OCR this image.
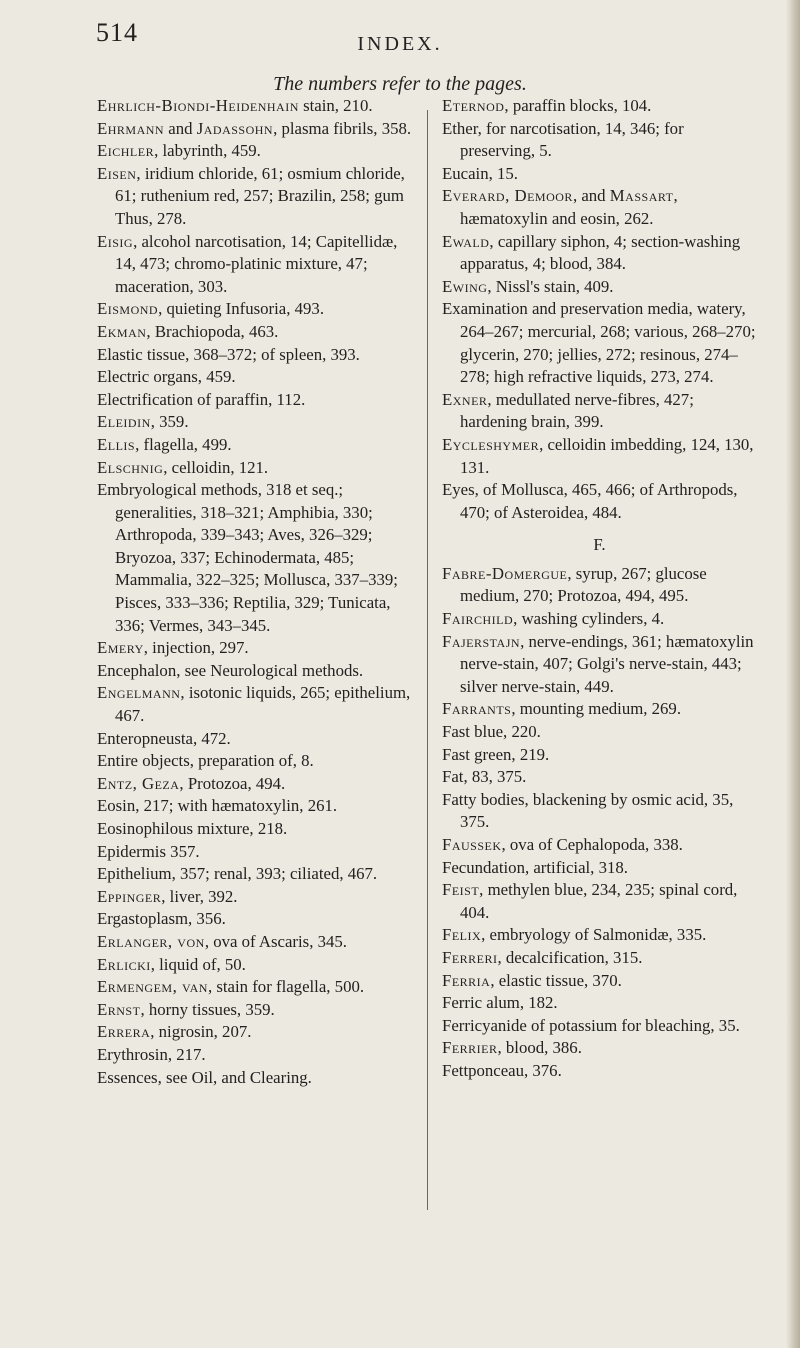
514	INDEX.
The numbers refer to the pages.
Ehrlich-Biondi-Heidenhain stain, 210.
Ehrmann and Jadassohn, plasma fibrils, 358.
Eichler, labyrinth, 459.
Eisen, iridium chloride, 61; osmium chloride, 61; ruthenium red, 257; Brazilin, 258; gum Thus, 278.
Eisig, alcohol narcotisation, 14; Capitellidæ, 14, 473; chromo-platinic mixture, 47; maceration, 303.
Eismond, quieting Infusoria, 493.
Ekman, Brachiopoda, 463.
Elastic tissue, 368–372; of spleen, 393.
Electric organs, 459.
Electrification of paraffin, 112.
Eleidin, 359.
Ellis, flagella, 499.
Elschnig, celloidin, 121.
Embryological methods, 318 et seq.; generalities, 318–321; Amphibia, 330; Arthropoda, 339–343; Aves, 326–329; Bryozoa, 337; Echinodermata, 485; Mammalia, 322–325; Mollusca, 337–339; Pisces, 333–336; Reptilia, 329; Tunicata, 336; Vermes, 343–345.
Emery, injection, 297.
Encephalon, see Neurological methods.
Engelmann, isotonic liquids, 265; epithelium, 467.
Enteropneusta, 472.
Entire objects, preparation of, 8.
Entz, Geza, Protozoa, 494.
Eosin, 217; with hæmatoxylin, 261.
Eosinophilous mixture, 218.
Epidermis 357.
Epithelium, 357; renal, 393; ciliated, 467.
Eppinger, liver, 392.
Ergastoplasm, 356.
Erlanger, von, ova of Ascaris, 345.
Erlicki, liquid of, 50.
Ermengem, van, stain for flagella, 500.
Ernst, horny tissues, 359.
Errera, nigrosin, 207.
Erythrosin, 217.
Essences, see Oil, and Clearing.
Eternod, paraffin blocks, 104.
Ether, for narcotisation, 14, 346; for preserving, 5.
Eucain, 15.
Everard, Demoor, and Massart, hæmatoxylin and eosin, 262.
Ewald, capillary siphon, 4; section-washing apparatus, 4; blood, 384.
Ewing, Nissl's stain, 409.
Examination and preservation media, watery, 264–267; mercurial, 268; various, 268–270; glycerin, 270; jellies, 272; resinous, 274–278; high refractive liquids, 273, 274.
Exner, medullated nerve-fibres, 427; hardening brain, 399.
Eycleshymer, celloidin imbedding, 124, 130, 131.
Eyes, of Mollusca, 465, 466; of Arthropods, 470; of Asteroidea, 484.
F.
Fabre-Domergue, syrup, 267; glucose medium, 270; Protozoa, 494, 495.
Fairchild, washing cylinders, 4.
Fajerstajn, nerve-endings, 361; hæmatoxylin nerve-stain, 407; Golgi's nerve-stain, 443; silver nerve-stain, 449.
Farrants, mounting medium, 269.
Fast blue, 220.
Fast green, 219.
Fat, 83, 375.
Fatty bodies, blackening by osmic acid, 35, 375.
Faussek, ova of Cephalopoda, 338.
Fecundation, artificial, 318.
Feist, methylen blue, 234, 235; spinal cord, 404.
Felix, embryology of Salmonidæ, 335.
Ferreri, decalcification, 315.
Ferria, elastic tissue, 370.
Ferric alum, 182.
Ferricyanide of potassium for bleaching, 35.
Ferrier, blood, 386.
Fettponceau, 376.
